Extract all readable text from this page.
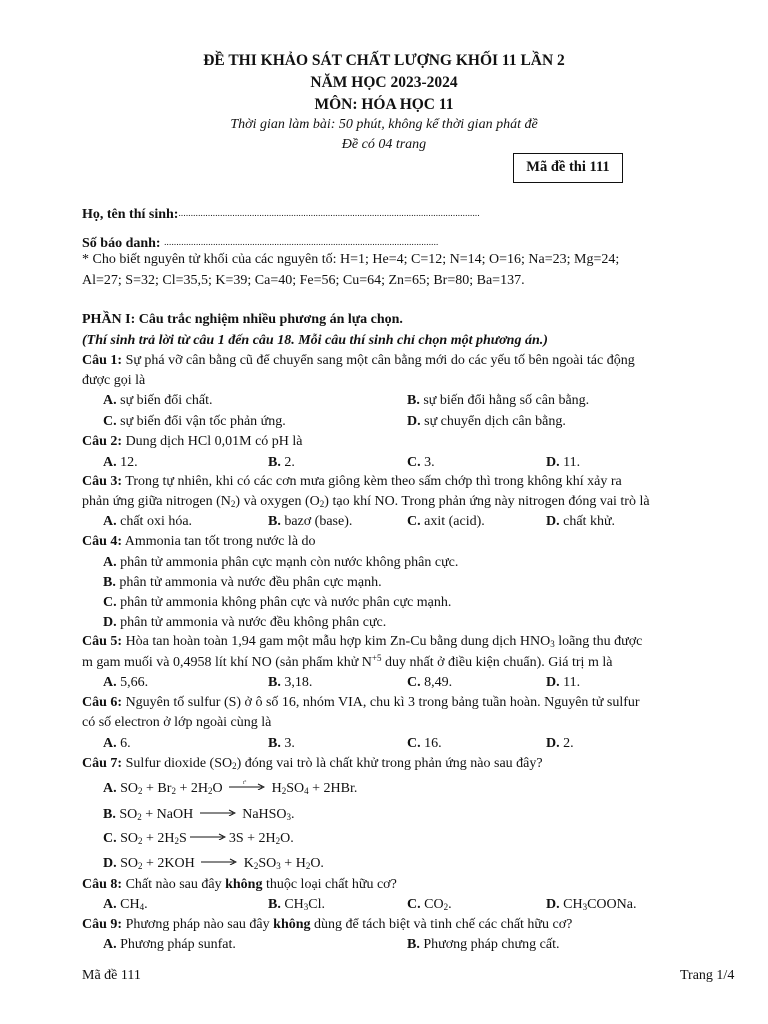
ĐỀ THI KHẢO SÁT CHẤT LƯỢNG KHỐI 11 LẦN 2
NĂM HỌC 2023-2024
MÔN: HÓA HỌC 11
Thời gian làm bài: 50 phút, không kể thời gian phát đề
Đề có 04 trang
Mã đề thi 111
Họ, tên thí sinh:...........................................................................................................................
Số báo danh: ................................................................................................................
* Cho biết nguyên tử khối của các nguyên tố: H=1; He=4; C=12; N=14; O=16; Na=23; Mg=24;
Al=27; S=32; Cl=35,5; K=39; Ca=40; Fe=56; Cu=64; Zn=65; Br=80; Ba=137.
PHẦN I: Câu trắc nghiệm nhiều phương án lựa chọn.
(Thí sinh trả lời từ câu 1 đến câu 18. Mỗi câu thí sinh chỉ chọn một phương án.)
Câu 1: Sự phá vỡ cân bằng cũ để chuyển sang một cân bằng mới do các yếu tố bên ngoài tác động
được gọi là
A. sự biến đổi chất.	B. sự biến đổi hằng số cân bằng.
C. sự biến đổi vận tốc phản ứng.	D. sự chuyển dịch cân bằng.
Câu 2: Dung dịch HCl 0,01M có pH là
A. 12.	B. 2.	C. 3.	D. 11.
Câu 3: Trong tự nhiên, khi có các cơn mưa giông kèm theo sấm chớp thì trong không khí xảy ra
phản ứng giữa nitrogen $(N_2)$ và oxygen $(O_2)$ tạo khí NO. Trong phản ứng này nitrogen đóng vai trò là
A. chất oxi hóa.	B. bazơ (base).	C. axit (acid).	D. chất khử.
Câu 4: Ammonia tan tốt trong nước là do
A. phân tử ammonia phân cực mạnh còn nước không phân cực.
B. phân tử ammonia và nước đều phân cực mạnh.
C. phân tử ammonia không phân cực và nước phân cực mạnh.
D. phân tử ammonia và nước đều không phân cực.
Câu 5: Hòa tan hoàn toàn 1,94 gam một mẫu hợp kim Zn-Cu bằng dung dịch $HNO_3$ loãng thu được
m gam muối và 0,4958 lít khí NO (sản phẩm khử $N^{+5}$ duy nhất ở điều kiện chuẩn). Giá trị m là
A. 5,66.	B. 3,18.	C. 8,49.	D. 11.
Câu 6: Nguyên tố sulfur (S) ở ô số 16, nhóm VIA, chu kì 3 trong bảng tuần hoàn. Nguyên tử sulfur
có số electron ở lớp ngoài cùng là
A. 6.	B. 3.	C. 16.	D. 2.
Câu 7: Sulfur dioxide $(SO_2)$ đóng vai trò là chất khử trong phản ứng nào sau đây?
A. $SO_2 + Br_2 + 2H_2O$	t° $H_2SO_4 + 2HBr$.
B. $SO_2$ + NaOH → NaHSO$_3$.
C. $SO_2 + 2H_2S \to 3S + 2H_2O$.
D. $SO_2 + 2KOH \to K_2SO_3 + H_2O$.
Câu 8: Chất nào sau đây không thuộc loại chất hữu cơ?
A. $CH_4$.	B. $CH_3Cl$.	C. $CO_2$.	D. $CH_3COONa$.
Câu 9: Phương pháp nào sau đây không dùng để tách biệt và tinh chế các chất hữu cơ?
A. Phương pháp sunfat.	B. Phương pháp chưng cất.
Mã đề 111	Trang 1/4
